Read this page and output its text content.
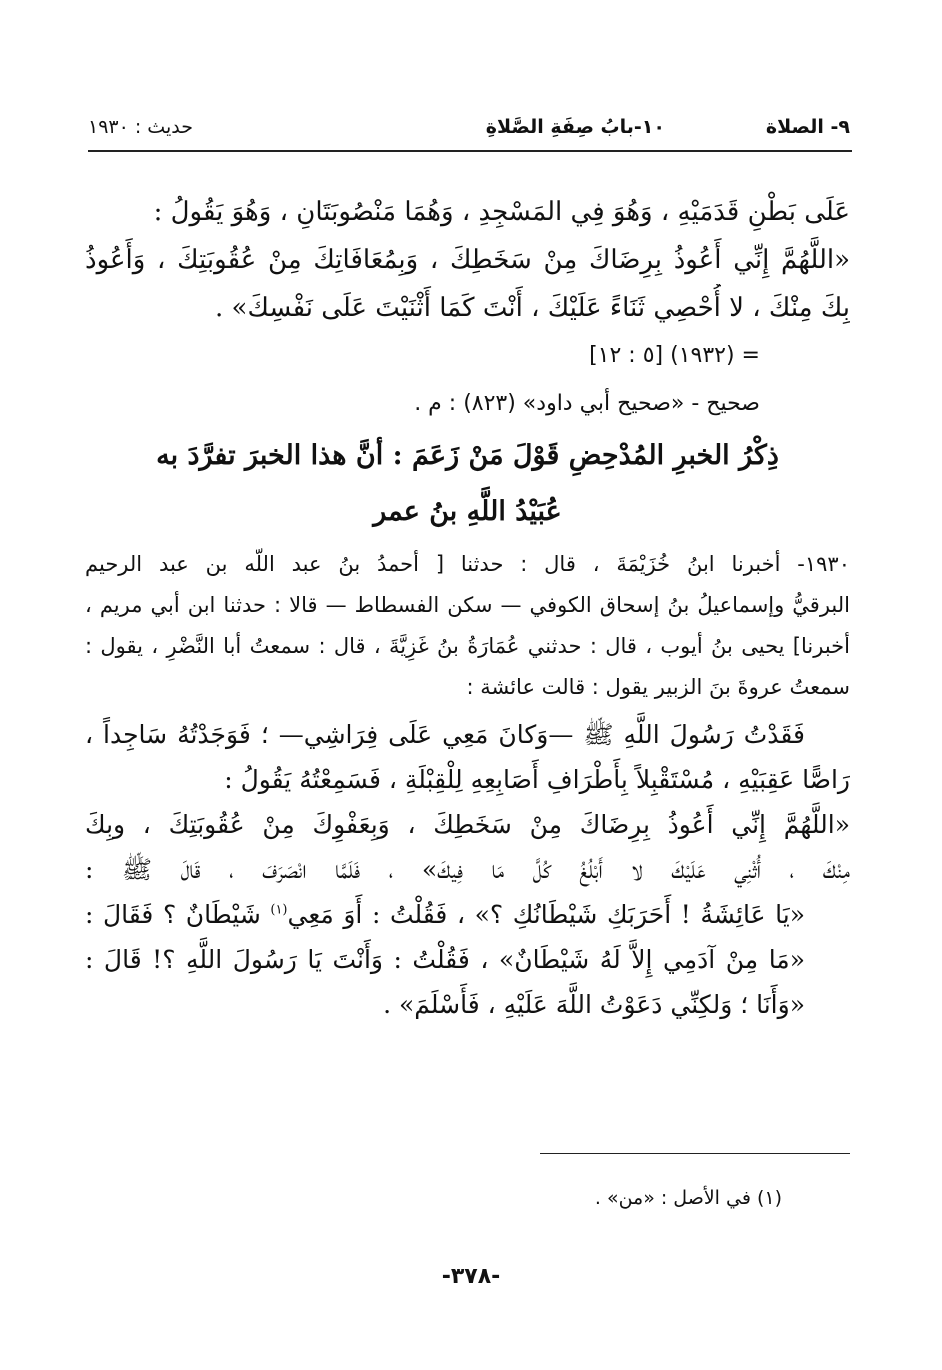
٩- الصلاة
١٠-بابُ صِفَةِ الصَّلاةِ
حديث : ١٩٣٠
عَلَى بَطْنِ قَدَمَيْهِ ، وَهُوَ فِي المَسْجِدِ ، وَهُمَا مَنْصُوبَتَانِ ، وَهُوَ يَقُولُ :
«اللَّهُمَّ إِنِّي أَعُوذُ بِرِضَاكَ مِنْ سَخَطِكَ ، وَبِمُعَافَاتِكَ مِنْ عُقُوبَتِكَ ، وَأَعُوذُ
بِكَ مِنْكَ ، لا أُحْصِي ثَنَاءً عَلَيْكَ ، أَنْتَ كَمَا أَثْنَيْتَ عَلَى نَفْسِكَ» .
= (١٩٣٢) [٥ : ١٢]
صحيح - «صحيح أبي داود» (٨٢٣) : م .
ذِكْرُ الخبرِ المُدْحِضِ قَوْلَ مَنْ زَعَمَ : أنَّ هذا الخبرَ تفرَّدَ به
عُبَيْدُ اللَّهِ بنُ عمر
١٩٣٠- أخبرنا ابنُ خُزَيْمَةَ ، قال : حدثنا [ أحمدُ بنُ عبد اللّه بن عبد الرحيم
البرقيُّ وإسماعيلُ بنُ إسحاق الكوفي — سكن الفسطاط — قالا : حدثنا ابن أبي مريم ،
أخبرنا] يحيى بنُ أيوب ، قال : حدثني عُمَارَةُ بنُ غَزِيَّةَ ، قال : سمعتُ أبا النَّضْرِ ، يقول :
سمعتُ عروةَ بنَ الزبير يقول : قالت عائشة :
فَقَدْتُ رَسُولَ اللَّهِ ﷺ —وَكانَ مَعِي عَلَى فِرَاشِي— ؛ فَوَجَدْتُهُ سَاجِداً ،
رَاصًّا عَقِبَيْهِ ، مُسْتَقْبِلاً بِأَطْرَافِ أَصَابِعِهِ لِلْقِبْلَةِ ، فَسَمِعْتُهُ يَقُولُ :
«اللَّهُمَّ إِنِّي أَعُوذُ بِرِضَاكَ مِنْ سَخَطِكَ ، وَبِعَفْوِكَ مِنْ عُقُوبَتِكَ ، وبِكَ
مِنْكَ ، أُثْنِي عَلَيْكَ لا أَبْلُغُ كُلَّ مَا فِيكَ» ، فَلَمَّا انْصَرَفَ ، قَالَ ﷺ :
«يَا عَائِشَةُ ! أَحَرَبَكِ شَيْطَانُكِ ؟» ، فَقُلْتُ : أَوَ مَعِي$^{(١)}$ شَيْطَانٌ ؟ فَقَالَ :
«مَا مِنْ آدَمِي إِلاَّ لَهُ شَيْطَانٌ» ، فَقُلْتُ : وَأَنْتَ يَا رَسُولَ اللَّهِ ؟! قَالَ :
«وَأَنَا ؛ وَلكِنِّي دَعَوْتُ اللَّهَ عَلَيْهِ ، فَأَسْلَمَ» .
(١) في الأصل : «من» .
-٣٧٨-
